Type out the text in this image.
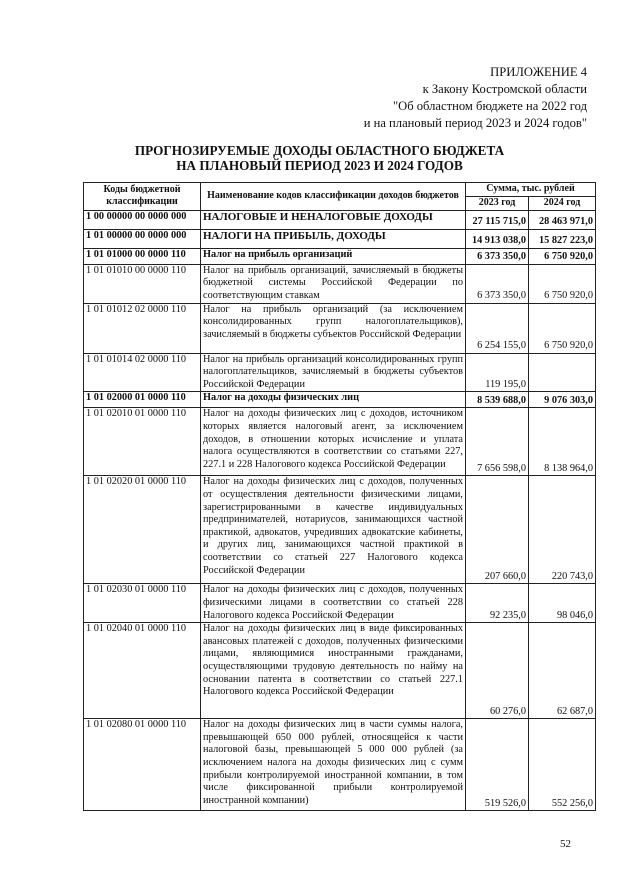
ПРИЛОЖЕНИЕ 4
к Закону Костромской области
"Об областном бюджете на 2022 год
и на плановый период 2023 и 2024 годов"
ПРОГНОЗИРУЕМЫЕ ДОХОДЫ ОБЛАСТНОГО БЮДЖЕТА
НА ПЛАНОВЫЙ ПЕРИОД 2023 И 2024 ГОДОВ
Коды бюджетной классификации	Наименование кодов классификации доходов бюджетов	Сумма, тыс. рублей	
		2023 год	2024 год
1 00 00000 00 0000 000	НАЛОГОВЫЕ И НЕНАЛОГОВЫЕ ДОХОДЫ	27 115 715,0	28 463 971,0
1 01 00000 00 0000 000	НАЛОГИ НА ПРИБЫЛЬ, ДОХОДЫ	14 913 038,0	15 827 223,0
1 01 01000 00 0000 110	Налог на прибыль организаций	6 373 350,0	6 750 920,0
1 01 01010 00 0000 110	Налог на прибыль организаций, зачисляемый в бюджеты бюджетной системы Российской Федерации по соответствующим ставкам	6 373 350,0	6 750 920,0
1 01 01012 02 0000 110	Налог на прибыль организаций (за исключением консолидированных групп налогоплательщиков), зачисляемый в бюджеты субъектов Российской Федерации	6 254 155,0	6 750 920,0
1 01 01014 02 0000 110	Налог на прибыль организаций консолидированных групп налогоплательщиков, зачисляемый в бюджеты субъектов Российской Федерации	119 195,0	
1 01 02000 01 0000 110	Налог на доходы физических лиц	8 539 688,0	9 076 303,0
1 01 02010 01 0000 110	Налог на доходы физических лиц с доходов, источником которых является налоговый агент, за исключением доходов, в отношении которых исчисление и уплата налога осуществляются в соответствии со статьями 227, 227.1 и 228 Налогового кодекса Российской Федерации	7 656 598,0	8 138 964,0
1 01 02020 01 0000 110	Налог на доходы физических лиц с доходов, полученных от осуществления деятельности физическими лицами, зарегистрированными в качестве индивидуальных предпринимателей, нотариусов, занимающихся частной практикой, адвокатов, учредивших адвокатские кабинеты, и других лиц, занимающихся частной практикой в соответствии со статьей 227 Налогового кодекса Российской Федерации	207 660,0	220 743,0
1 01 02030 01 0000 110	Налог на доходы физических лиц с доходов, полученных физическими лицами в соответствии со статьей 228 Налогового кодекса Российской Федерации	92 235,0	98 046,0
1 01 02040 01 0000 110	Налог на доходы физических лиц в виде фиксированных авансовых платежей с доходов, полученных физическими лицами, являющимися иностранными гражданами, осуществляющими трудовую деятельность по найму на основании патента в соответствии со статьей 227.1 Налогового кодекса Российской Федерации	60 276,0	62 687,0
1 01 02080 01 0000 110	Налог на доходы физических лиц в части суммы налога, превышающей 650 000 рублей, относящейся к части налоговой базы, превышающей 5 000 000 рублей (за исключением налога на доходы физических лиц с сумм прибыли контролируемой иностранной компании, в том числе фиксированной прибыли контролируемой иностранной компании)	519 526,0	552 256,0
52
